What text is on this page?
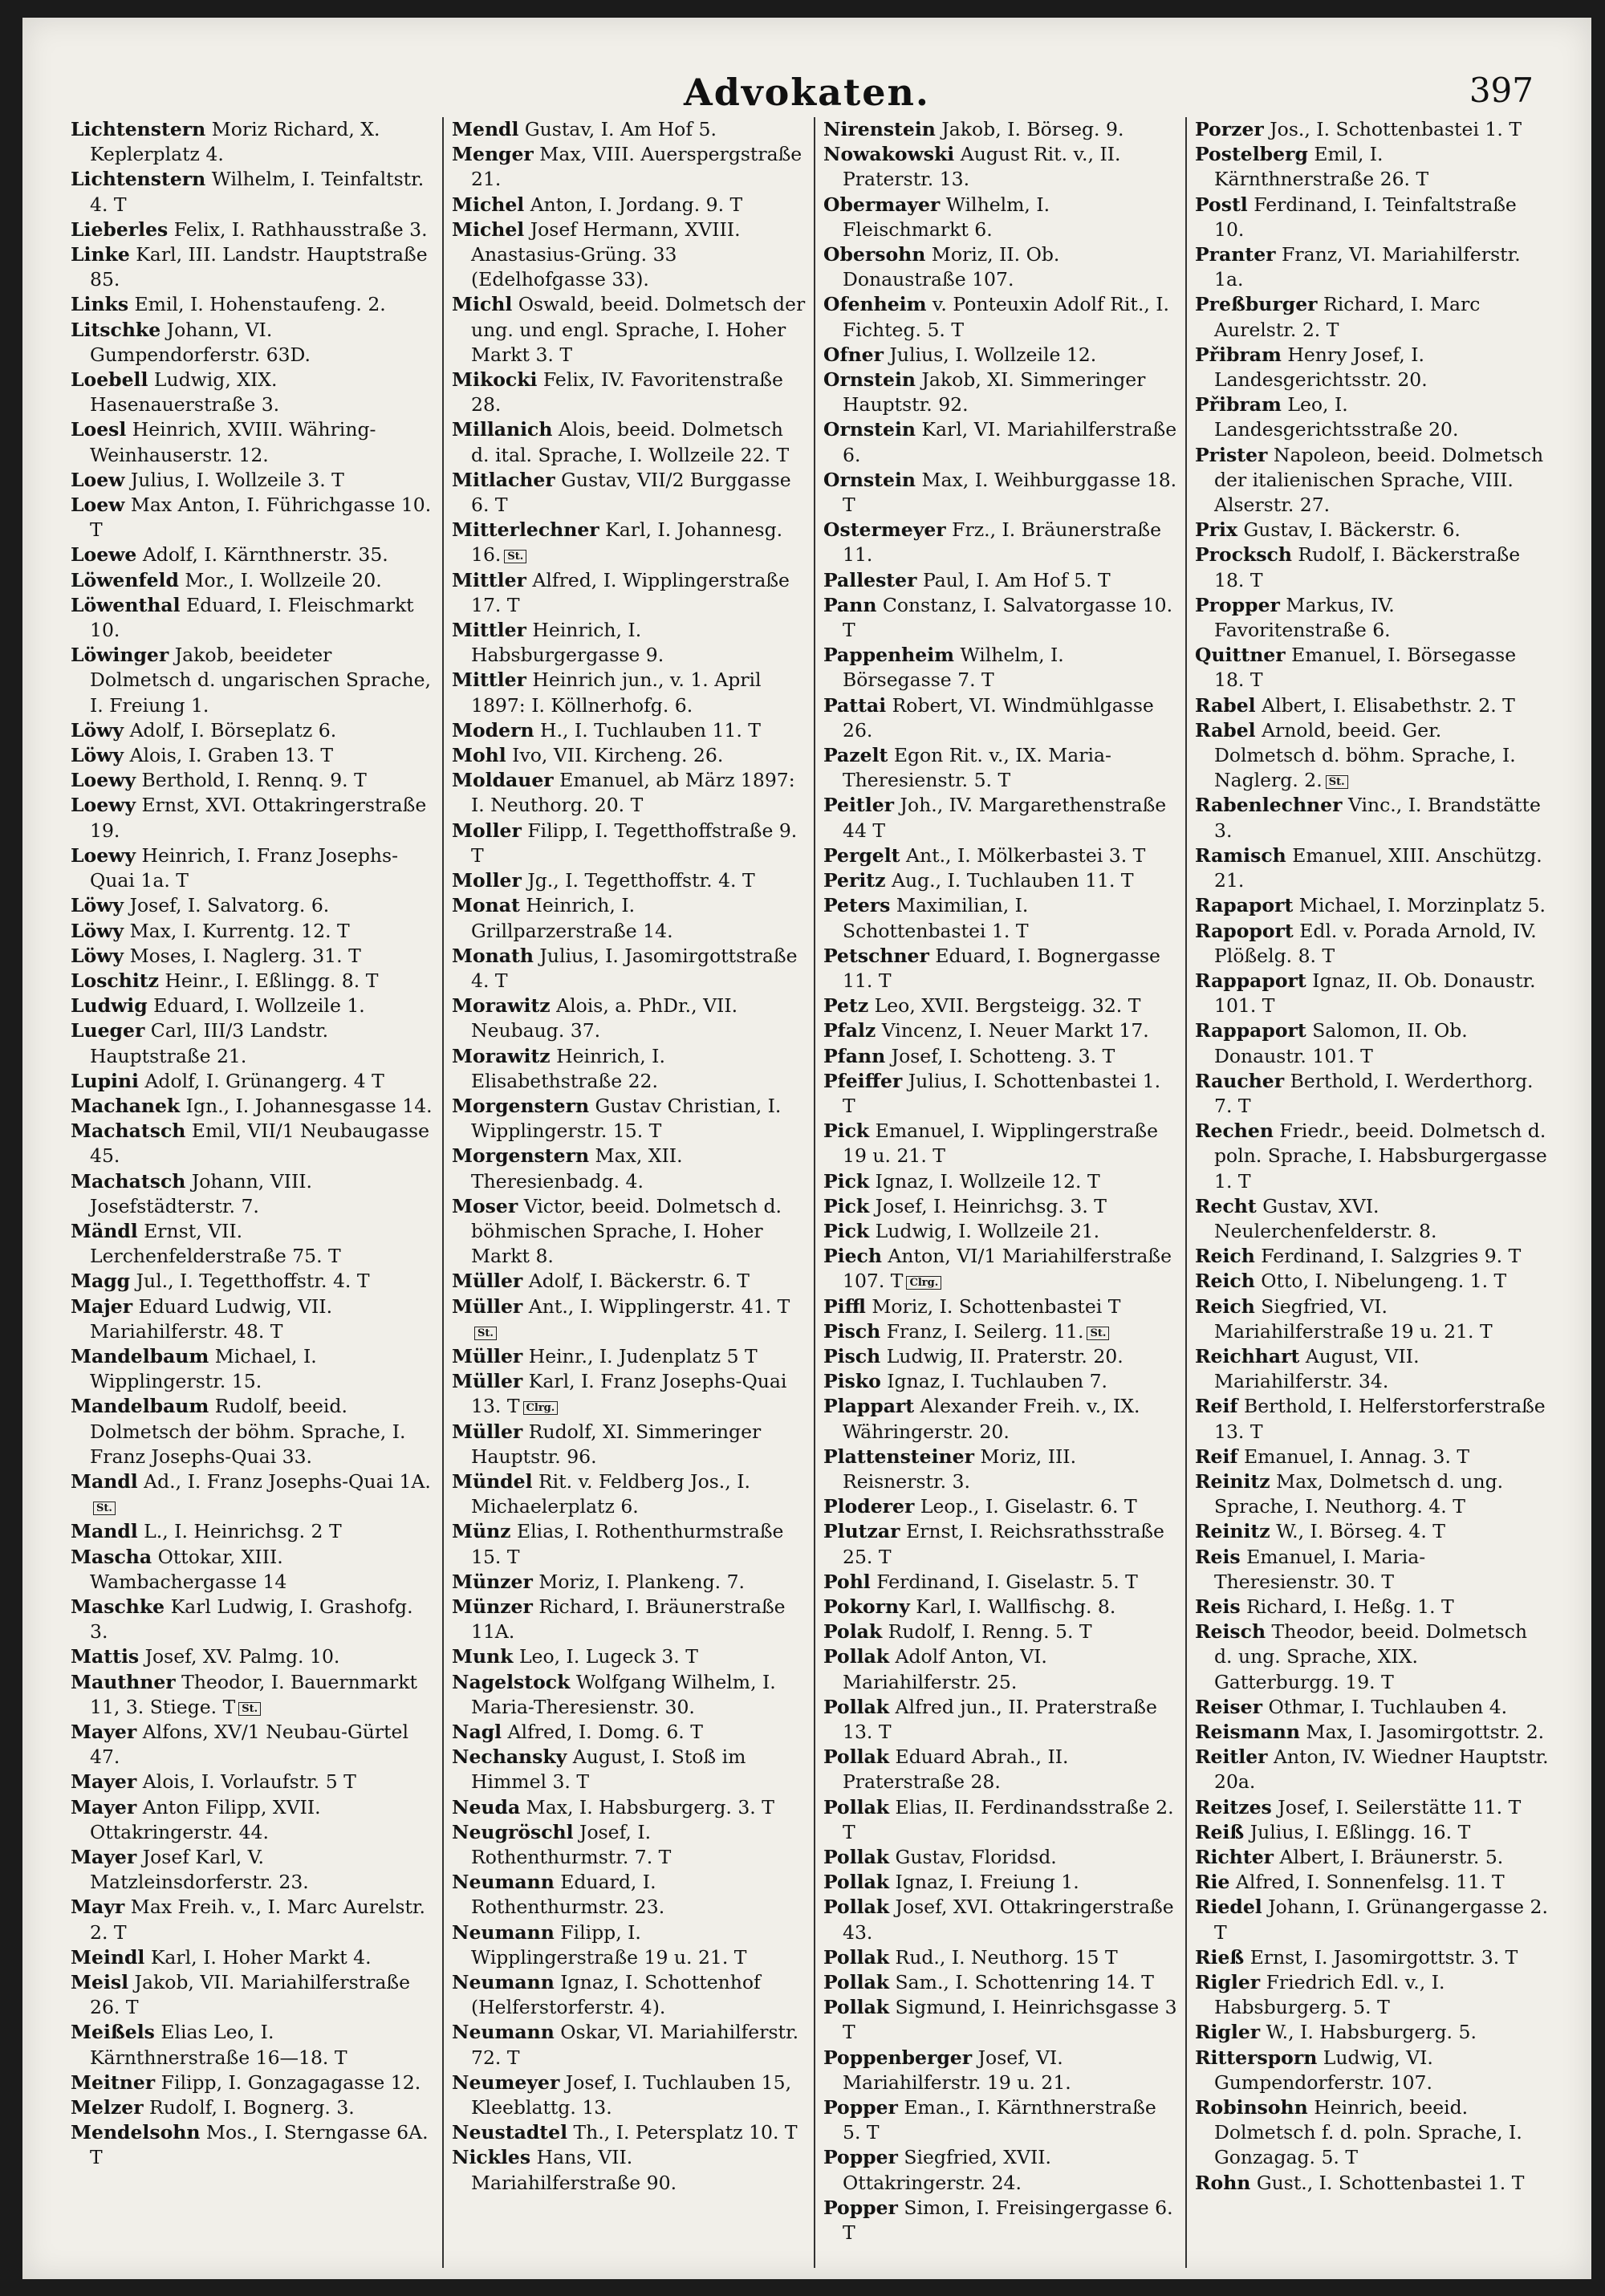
Advokaten.	397

Lichtenstern Moriz Richard, X. Keplerplatz 4.

Lichtenstern Wilhelm, I. Teinfaltstr. 4. T

Lieberles Felix, I. Rathhausstraße 3.

Linke Karl, III. Landstr. Hauptstraße 85.

Links Emil, I. Hohenstaufeng. 2.

Litschke Johann, VI. Gumpendorferstr. 63D.

Loebell Ludwig, XIX. Hasenauerstraße 3.

Loesl Heinrich, XVIII. Währing-Weinhauserstr. 12.

Loew Julius, I. Wollzeile 3. T

Loew Max Anton, I. Führichgasse 10. T

Loewe Adolf, I. Kärnthnerstr. 35.

Löwenfeld Mor., I. Wollzeile 20.

Löwenthal Eduard, I. Fleischmarkt 10.

Löwinger Jakob, beeideter Dolmetsch d. ungarischen Sprache, I. Freiung 1.

Löwy Adolf, I. Börseplatz 6.

Löwy Alois, I. Graben 13. T

Loewy Berthold, I. Rennq. 9. T

Loewy Ernst, XVI. Ottakringerstraße 19.

Loewy Heinrich, I. Franz Josephs-Quai 1a. T

Löwy Josef, I. Salvatorg. 6.

Löwy Max, I. Kurrentg. 12. T

Löwy Moses, I. Naglerg. 31. T

Loschitz Heinr., I. Eßlingg. 8. T

Ludwig Eduard, I. Wollzeile 1.

Lueger Carl, III/3 Landstr. Hauptstraße 21.

Lupini Adolf, I. Grünangerg. 4 T

Machanek Ign., I. Johannesgasse 14.

Machatsch Emil, VII/1 Neubaugasse 45.

Machatsch Johann, VIII. Josefstädterstr. 7.

Mändl Ernst, VII. Lerchenfelderstraße 75. T

Magg Jul., I. Tegetthoffstr. 4. T

Majer Eduard Ludwig, VII. Mariahilferstr. 48. T

Mandelbaum Michael, I. Wipplingerstr. 15.

Mandelbaum Rudolf, beeid. Dolmetsch der böhm. Sprache, I. Franz Josephs-Quai 33.

Mandl Ad., I. Franz Josephs-Quai 1A.St.

Mandl L., I. Heinrichsg. 2 T

Mascha Ottokar, XIII. Wambachergasse 14

Maschke Karl Ludwig, I. Grashofg. 3.

Mattis Josef, XV. Palmg. 10.

Mauthner Theodor, I. Bauernmarkt 11, 3. Stiege. T St.

Mayer Alfons, XV/1 Neubau-Gürtel 47.

Mayer Alois, I. Vorlaufstr. 5 T

Mayer Anton Filipp, XVII. Ottakringerstr. 44.

Mayer Josef Karl, V. Matzleinsdorferstr. 23.

Mayr Max Freih. v., I. Marc Aurelstr. 2. T

Meindl Karl, I. Hoher Markt 4.

Meisl Jakob, VII. Mariahilferstraße 26. T

Meißels Elias Leo, I. Kärnthnerstraße 16—18. T

Meitner Filipp, I. Gonzagagasse 12.

Melzer Rudolf, I. Bognerg. 3.

Mendelsohn Mos., I. Sterngasse 6A. T

Mendl Gustav, I. Am Hof 5.

Menger Max, VIII. Auerspergstraße 21.

Michel Anton, I. Jordang. 9. T

Michel Josef Hermann, XVIII. Anastasius-Grüng. 33 (Edelhofgasse 33).

Michl Oswald, beeid. Dolmetsch der ung. und engl. Sprache, I. Hoher Markt 3. T

Mikocki Felix, IV. Favoritenstraße 28.

Millanich Alois, beeid. Dolmetsch d. ital. Sprache, I. Wollzeile 22. T

Mitlacher Gustav, VII/2 Burggasse 6. T

Mitterlechner Karl, I. Johannesg. 16. St.

Mittler Alfred, I. Wipplingerstraße 17. T

Mittler Heinrich, I. Habsburgergasse 9.

Mittler Heinrich jun., v. 1. April 1897: I. Köllnerhofg. 6.

Modern H., I. Tuchlauben 11. T

Mohl Ivo, VII. Kircheng. 26.

Moldauer Emanuel, ab März 1897: I. Neuthorg. 20. T

Moller Filipp, I. Tegetthoffstraße 9. T

Moller Jg., I. Tegetthoffstr. 4. T

Monat Heinrich, I. Grillparzerstraße 14.

Monath Julius, I. Jasomirgottstraße 4. T

Morawitz Alois, a. PhDr., VII. Neubaug. 37.

Morawitz Heinrich, I. Elisabethstraße 22.

Morgenstern Gustav Christian, I. Wipplingerstr. 15. T

Morgenstern Max, XII. Theresienbadg. 4.

Moser Victor, beeid. Dolmetsch d. böhmischen Sprache, I. Hoher Markt 8.

Müller Adolf, I. Bäckerstr. 6. T

Müller Ant., I. Wipplingerstr. 41. TSt.

Müller Heinr., I. Judenplatz 5 T

Müller Karl, I. Franz Josephs-Quai 13. T Clrg.

Müller Rudolf, XI. Simmeringer Hauptstr. 96.

Mündel Rit. v. Feldberg Jos., I. Michaelerplatz 6.

Münz Elias, I. Rothenthurmstraße 15. T

Münzer Moriz, I. Plankeng. 7.

Münzer Richard, I. Bräunerstraße 11A.

Munk Leo, I. Lugeck 3. T

Nagelstock Wolfgang Wilhelm, I. Maria-Theresienstr. 30.

Nagl Alfred, I. Domg. 6. T

Nechansky August, I. Stoß im Himmel 3. T

Neuda Max, I. Habsburgerg. 3. T

Neugröschl Josef, I. Rothenthurmstr. 7. T

Neumann Eduard, I. Rothenthurmstr. 23.

Neumann Filipp, I. Wipplingerstraße 19 u. 21. T

Neumann Ignaz, I. Schottenhof (Helferstorferstr. 4).

Neumann Oskar, VI. Mariahilferstr. 72. T

Neumeyer Josef, I. Tuchlauben 15, Kleeblattg. 13.

Neustadtel Th., I. Petersplatz 10. T

Nickles Hans, VII. Mariahilferstraße 90.

Nirenstein Jakob, I. Börseg. 9.

Nowakowski August Rit. v., II. Praterstr. 13.

Obermayer Wilhelm, I. Fleischmarkt 6.

Obersohn Moriz, II. Ob. Donaustraße 107.

Ofenheim v. Ponteuxin Adolf Rit., I. Fichteg. 5. T

Ofner Julius, I. Wollzeile 12.

Ornstein Jakob, XI. Simmeringer Hauptstr. 92.

Ornstein Karl, VI. Mariahilferstraße 6.

Ornstein Max, I. Weihburggasse 18. T

Ostermeyer Frz., I. Bräunerstraße 11.

Pallester Paul, I. Am Hof 5. T

Pann Constanz, I. Salvatorgasse 10. T

Pappenheim Wilhelm, I. Börsegasse 7. T

Pattai Robert, VI. Windmühlgasse 26.

Pazelt Egon Rit. v., IX. Maria-Theresienstr. 5. T

Peitler Joh., IV. Margarethenstraße 44 T

Pergelt Ant., I. Mölkerbastei 3. T

Peritz Aug., I. Tuchlauben 11. T

Peters Maximilian, I. Schottenbastei 1. T

Petschner Eduard, I. Bognergasse 11. T

Petz Leo, XVII. Bergsteigg. 32. T

Pfalz Vincenz, I. Neuer Markt 17.

Pfann Josef, I. Schotteng. 3. T

Pfeiffer Julius, I. Schottenbastei 1. T

Pick Emanuel, I. Wipplingerstraße 19 u. 21. T

Pick Ignaz, I. Wollzeile 12. T

Pick Josef, I. Heinrichsg. 3. T

Pick Ludwig, I. Wollzeile 21.

Piech Anton, VI/1 Mariahilferstraße 107. T Clrg.

Piffl Moriz, I. Schottenbastei T

Pisch Franz, I. Seilerg. 11. St.

Pisch Ludwig, II. Praterstr. 20.

Pisko Ignaz, I. Tuchlauben 7.

Plappart Alexander Freih. v., IX. Währingerstr. 20.

Plattensteiner Moriz, III. Reisnerstr. 3.

Ploderer Leop., I. Giselastr. 6. T

Plutzar Ernst, I. Reichsrathsstraße 25. T

Pohl Ferdinand, I. Giselastr. 5. T

Pokorny Karl, I. Wallfischg. 8.

Polak Rudolf, I. Renng. 5. T

Pollak Adolf Anton, VI. Mariahilferstr. 25.

Pollak Alfred jun., II. Praterstraße 13. T

Pollak Eduard Abrah., II. Praterstraße 28.

Pollak Elias, II. Ferdinandsstraße 2. T

Pollak Gustav, Floridsd.

Pollak Ignaz, I. Freiung 1.

Pollak Josef, XVI. Ottakringerstraße 43.

Pollak Rud., I. Neuthorg. 15 T

Pollak Sam., I. Schottenring 14. T

Pollak Sigmund, I. Heinrichsgasse 3 T

Poppenberger Josef, VI. Mariahilferstr. 19 u. 21.

Popper Eman., I. Kärnthnerstraße 5. T

Popper Siegfried, XVII. Ottakringerstr. 24.

Popper Simon, I. Freisingergasse 6. T

Porzer Jos., I. Schottenbastei 1. T

Postelberg Emil, I. Kärnthnerstraße 26. T

Postl Ferdinand, I. Teinfaltstraße 10.

Pranter Franz, VI. Mariahilferstr. 1a.

Preßburger Richard, I. Marc Aurelstr. 2. T

Přibram Henry Josef, I. Landesgerichtsstr. 20.

Přibram Leo, I. Landesgerichtsstraße 20.

Prister Napoleon, beeid. Dolmetsch der italienischen Sprache, VIII. Alserstr. 27.

Prix Gustav, I. Bäckerstr. 6.

Procksch Rudolf, I. Bäckerstraße 18. T

Propper Markus, IV. Favoritenstraße 6.

Quittner Emanuel, I. Börsegasse 18. T

Rabel Albert, I. Elisabethstr. 2. T

Rabel Arnold, beeid. Ger. Dolmetsch d. böhm. Sprache, I. Naglerg. 2. St.

Rabenlechner Vinc., I. Brandstätte 3.

Ramisch Emanuel, XIII. Anschützg. 21.

Rapaport Michael, I. Morzinplatz 5.

Rapoport Edl. v. Porada Arnold, IV. Plößelg. 8. T

Rappaport Ignaz, II. Ob. Donaustr. 101. T

Rappaport Salomon, II. Ob. Donaustr. 101. T

Raucher Berthold, I. Werderthorg. 7. T

Rechen Friedr., beeid. Dolmetsch d. poln. Sprache, I. Habsburgergasse 1. T

Recht Gustav, XVI. Neulerchenfelderstr. 8.

Reich Ferdinand, I. Salzgries 9. T

Reich Otto, I. Nibelungeng. 1. T

Reich Siegfried, VI. Mariahilferstraße 19 u. 21. T

Reichhart August, VII. Mariahilferstr. 34.

Reif Berthold, I. Helferstorferstraße 13. T

Reif Emanuel, I. Annag. 3. T

Reinitz Max, Dolmetsch d. ung. Sprache, I. Neuthorg. 4. T

Reinitz W., I. Börseg. 4. T

Reis Emanuel, I. Maria-Theresienstr. 30. T

Reis Richard, I. Heßg. 1. T

Reisch Theodor, beeid. Dolmetsch d. ung. Sprache, XIX. Gatterburgg. 19. T

Reiser Othmar, I. Tuchlauben 4.

Reismann Max, I. Jasomirgottstr. 2.

Reitler Anton, IV. Wiedner Hauptstr. 20a.

Reitzes Josef, I. Seilerstätte 11. T

Reiß Julius, I. Eßlingg. 16. T

Richter Albert, I. Bräunerstr. 5.

Rie Alfred, I. Sonnenfelsg. 11. T

Riedel Johann, I. Grünangergasse 2. T

Rieß Ernst, I. Jasomirgottstr. 3. T

Rigler Friedrich Edl. v., I. Habsburgerg. 5. T

Rigler W., I. Habsburgerg. 5.

Rittersporn Ludwig, VI. Gumpendorferstr. 107.

Robinsohn Heinrich, beeid. Dolmetsch f. d. poln. Sprache, I. Gonzagag. 5. T

Rohn Gust., I. Schottenbastei 1. T
